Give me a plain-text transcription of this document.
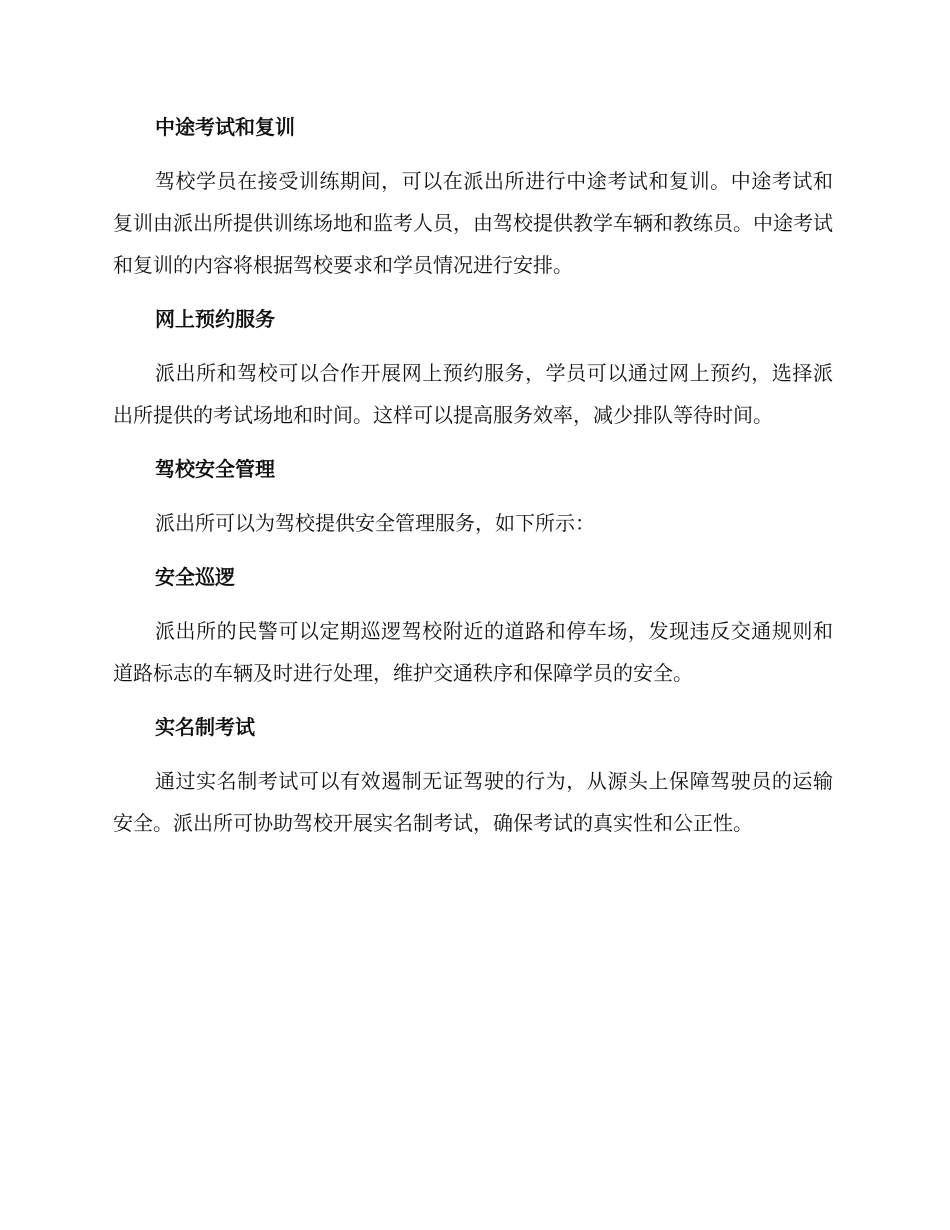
中途考试和复训

驾校学员在接受训练期间，可以在派出所进行中途考试和复训。中途考试和复训由派出所提供训练场地和监考人员，由驾校提供教学车辆和教练员。中途考试和复训的内容将根据驾校要求和学员情况进行安排。

网上预约服务

派出所和驾校可以合作开展网上预约服务，学员可以通过网上预约，选择派出所提供的考试场地和时间。这样可以提高服务效率，减少排队等待时间。

驾校安全管理

派出所可以为驾校提供安全管理服务，如下所示：

安全巡逻

派出所的民警可以定期巡逻驾校附近的道路和停车场，发现违反交通规则和道路标志的车辆及时进行处理，维护交通秩序和保障学员的安全。

实名制考试

通过实名制考试可以有效遏制无证驾驶的行为，从源头上保障驾驶员的运输安全。派出所可协助驾校开展实名制考试，确保考试的真实性和公正性。
